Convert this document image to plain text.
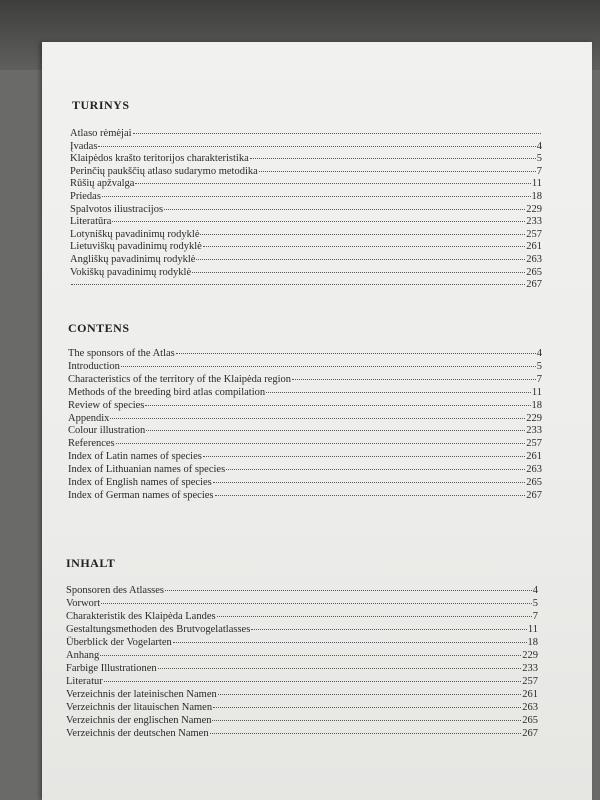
TURINYS
Atlaso rėmėjai
Įvadas	4
Klaipėdos krašto teritorijos charakteristika	5
Perinčių paukščių atlaso sudarymo metodika	7
Rūšių apžvalga	11
Priedas	18
Spalvotos iliustracijos	229
Literatūra	233
Lotyniškų pavadinimų rodyklė	257
Lietuviškų pavadinimų rodyklė	261
Angliškų pavadinimų rodyklė	263
Vokiškų pavadinimų rodyklė	265
267
CONTENS
The sponsors of the Atlas	4
Introduction	5
Characteristics of the territory of the Klaipėda region	7
Methods of the breeding bird atlas compilation	11
Review of species	18
Appendix	229
Colour illustration	233
References	257
Index of Latin names of species	261
Index of Lithuanian names of species	263
Index of English names of species	265
Index of German names of species	267
INHALT
Sponsoren des Atlasses	4
Vorwort	5
Charakteristik des Klaipėda Landes	7
Gestaltungsmethoden des Brutvogelatlasses	11
Überblick der Vogelarten	18
Anhang	229
Farbige Illustrationen	233
Literatur	257
Verzeichnis der lateinischen Namen	261
Verzeichnis der litauischen Namen	263
Verzeichnis der englischen Namen	265
Verzeichnis der deutschen Namen	267
